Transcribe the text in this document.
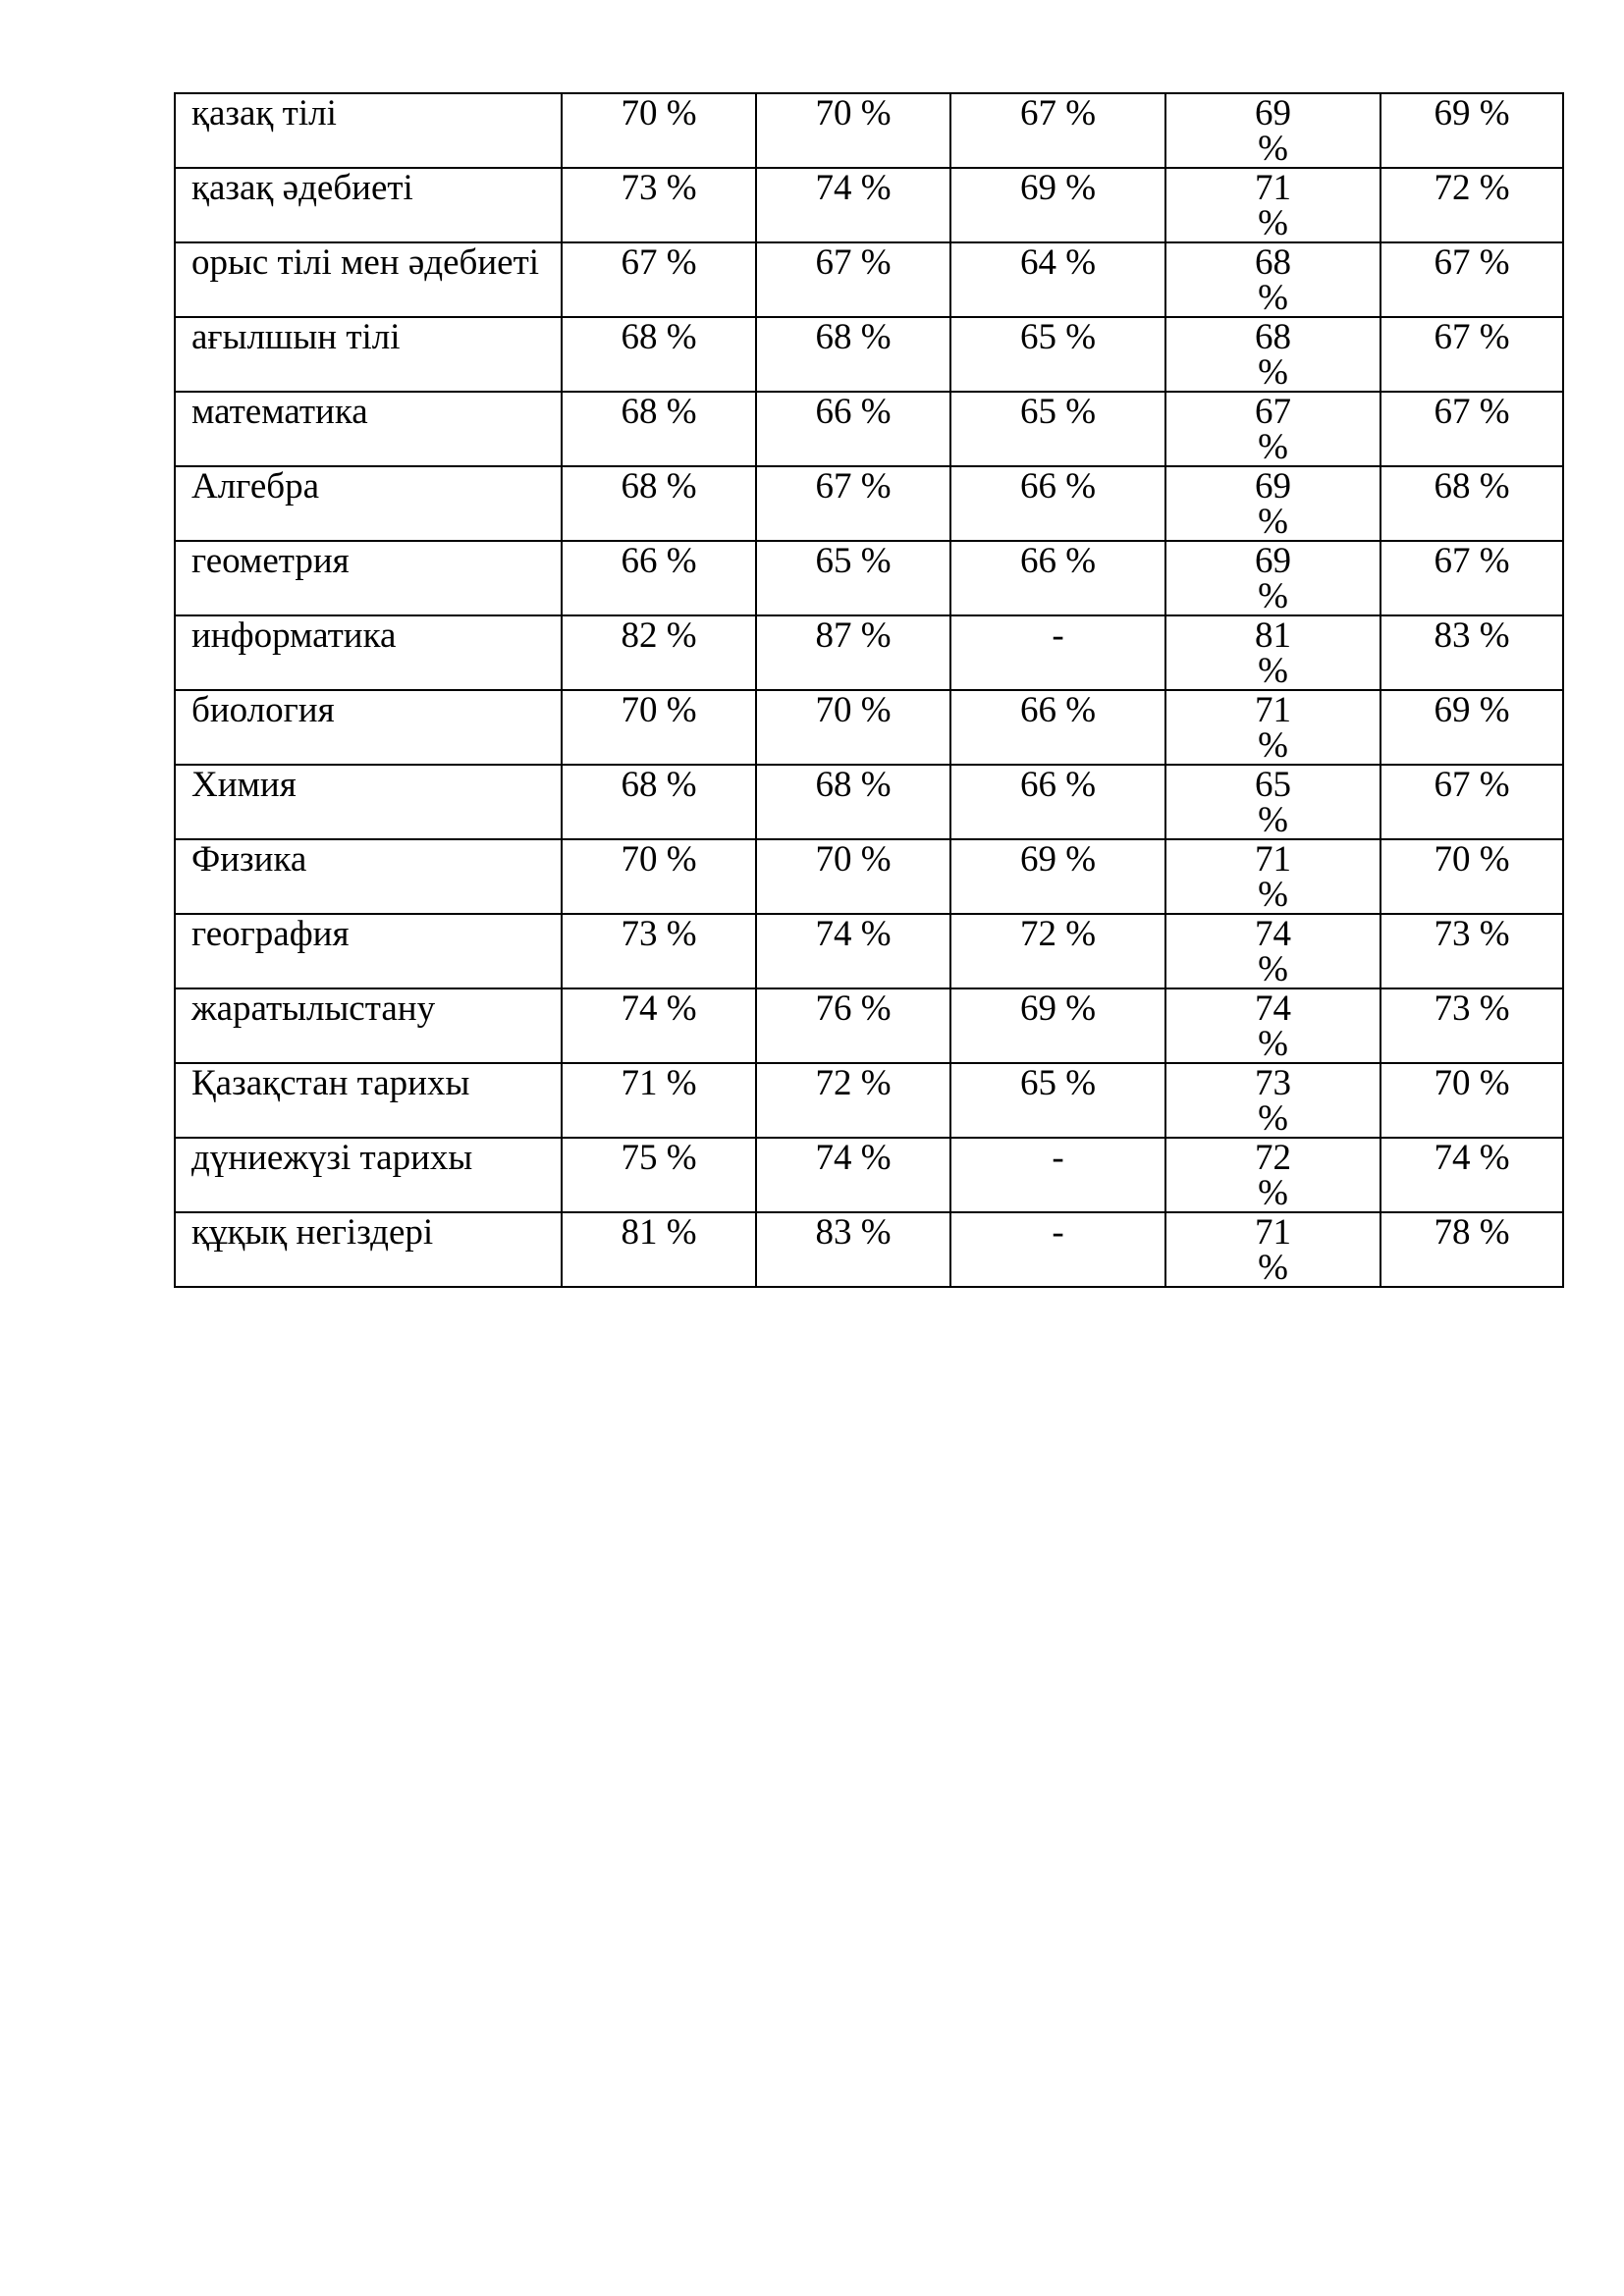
қазақ тілі	70 %	70 %	67 %	69 %	69 %
қазақ әдебиеті	73 %	74 %	69 %	71 %	72 %
орыс тілі мен әдебиеті	67 %	67 %	64 %	68 %	67 %
ағылшын тілі	68 %	68 %	65 %	68 %	67 %
математика	68 %	66 %	65 %	67 %	67 %
Алгебра	68 %	67 %	66 %	69 %	68 %
геометрия	66 %	65 %	66 %	69 %	67 %
информатика	82 %	87 %	-	81 %	83 %
биология	70 %	70 %	66 %	71 %	69 %
Химия	68 %	68 %	66 %	65 %	67 %
Физика	70 %	70 %	69 %	71 %	70 %
география	73 %	74 %	72 %	74 %	73 %
жаратылыстану	74 %	76 %	69 %	74 %	73 %
Қазақстан тарихы	71 %	72 %	65 %	73 %	70 %
дүниежүзі тарихы	75 %	74 %	-	72 %	74 %
құқық негіздері	81 %	83 %	-	71 %	78 %
